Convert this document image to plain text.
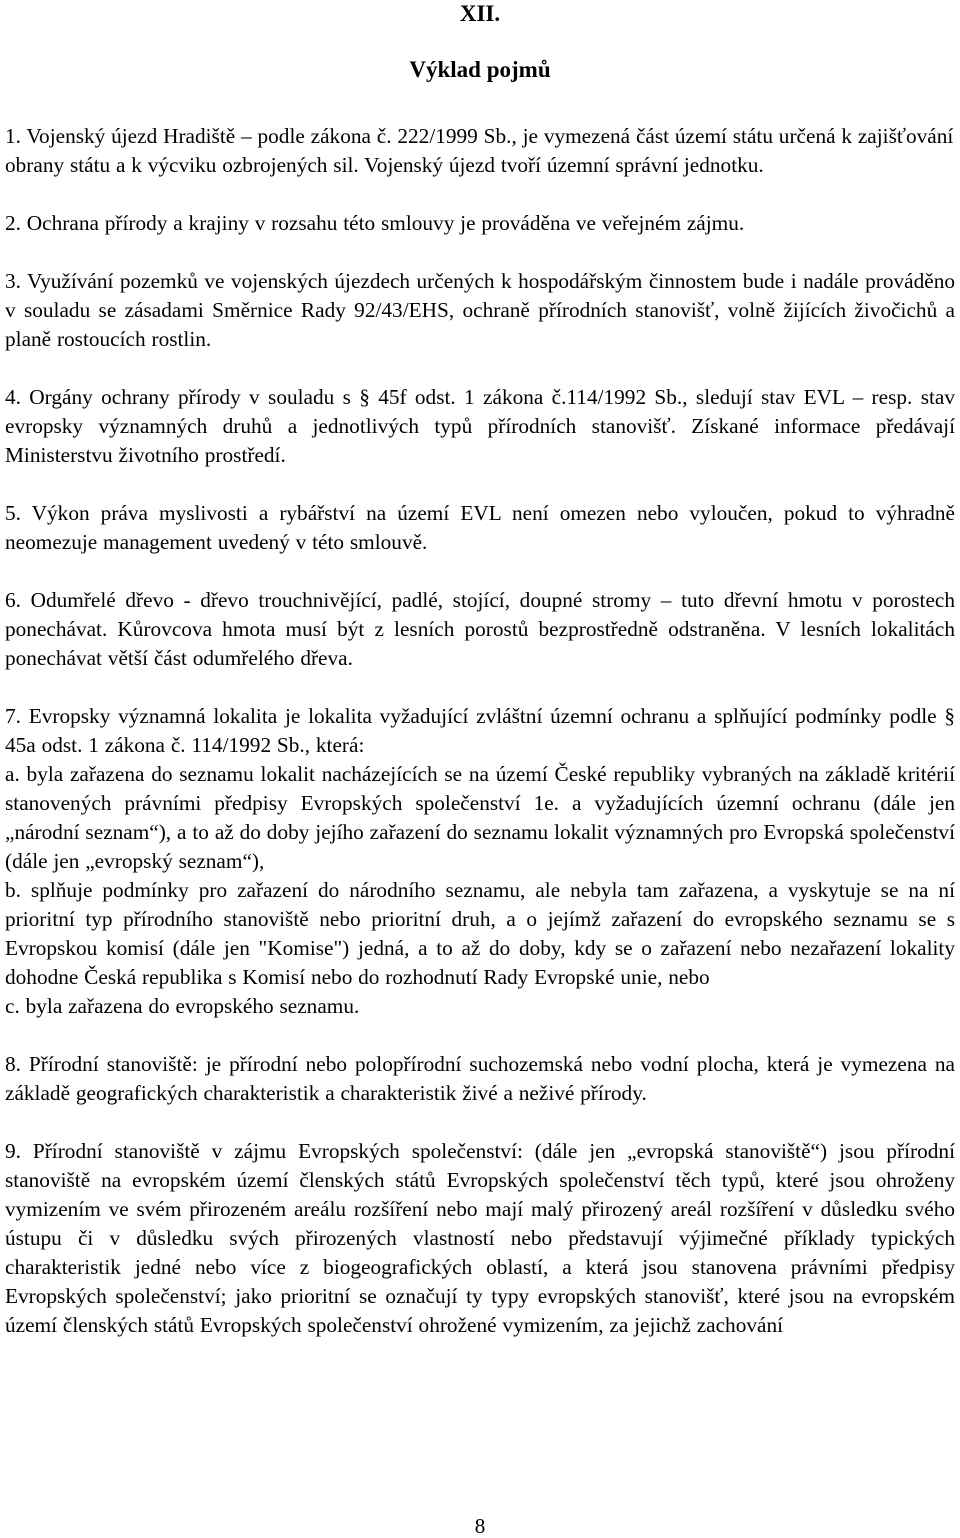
XII.

Výklad pojmů

1. Vojenský újezd Hradiště – podle zákona č. 222/1999 Sb., je vymezená část území státu určená k zajišťování obrany státu a k výcviku ozbrojených sil. Vojenský újezd tvoří územní správní jednotku.

2. Ochrana přírody a krajiny v rozsahu této smlouvy je prováděna ve veřejném zájmu.

3. Využívání pozemků ve vojenských újezdech určených k hospodářským činnostem bude i nadále prováděno v souladu se zásadami Směrnice Rady 92/43/EHS, ochraně přírodních stanovišť, volně žijících živočichů a planě rostoucích rostlin.

4. Orgány ochrany přírody v souladu s § 45f odst. 1 zákona č.114/1992 Sb., sledují stav EVL – resp. stav evropsky významných druhů a jednotlivých typů přírodních stanovišť. Získané informace předávají Ministerstvu životního prostředí.

5. Výkon práva myslivosti a rybářství na území EVL není omezen nebo vyloučen, pokud to výhradně neomezuje management uvedený v této smlouvě.

6. Odumřelé dřevo - dřevo trouchnivějící, padlé, stojící, doupné stromy – tuto dřevní hmotu v porostech ponechávat. Kůrovcova hmota musí být z lesních porostů bezprostředně odstraněna. V lesních lokalitách ponechávat větší část odumřelého dřeva.

7. Evropsky významná lokalita je lokalita vyžadující zvláštní územní ochranu a splňující podmínky podle § 45a odst. 1 zákona č. 114/1992 Sb., která:

a. byla zařazena do seznamu lokalit nacházejících se na území České republiky vybraných na základě kritérií stanovených právními předpisy Evropských společenství 1e. a vyžadujících územní ochranu (dále jen „národní seznam“), a to až do doby jejího zařazení do seznamu lokalit významných pro Evropská společenství (dále jen „evropský seznam“),

b. splňuje podmínky pro zařazení do národního seznamu, ale nebyla tam zařazena, a vyskytuje se na ní prioritní typ přírodního stanoviště nebo prioritní druh, a o jejímž zařazení do evropského seznamu se s Evropskou komisí (dále jen "Komise") jedná, a to až do doby, kdy se o zařazení nebo nezařazení lokality dohodne Česká republika s Komisí nebo do rozhodnutí Rady Evropské unie, nebo

c. byla zařazena do evropského seznamu.

8. Přírodní stanoviště: je přírodní nebo polopřírodní suchozemská nebo vodní plocha, která je vymezena na základě geografických charakteristik a charakteristik živé a neživé přírody.

9. Přírodní stanoviště v zájmu Evropských společenství: (dále jen „evropská stanoviště“) jsou přírodní stanoviště na evropském území členských států Evropských společenství těch typů, které jsou ohroženy vymizením ve svém přirozeném areálu rozšíření nebo mají malý přirozený areál rozšíření v důsledku svého ústupu či v důsledku svých přirozených vlastností nebo představují výjimečné příklady typických charakteristik jedné nebo více z biogeografických oblastí, a která jsou stanovena právními předpisy Evropských společenství; jako prioritní se označují ty typy evropských stanovišť, které jsou na evropském území členských států Evropských společenství ohrožené vymizením, za jejichž zachování

8
